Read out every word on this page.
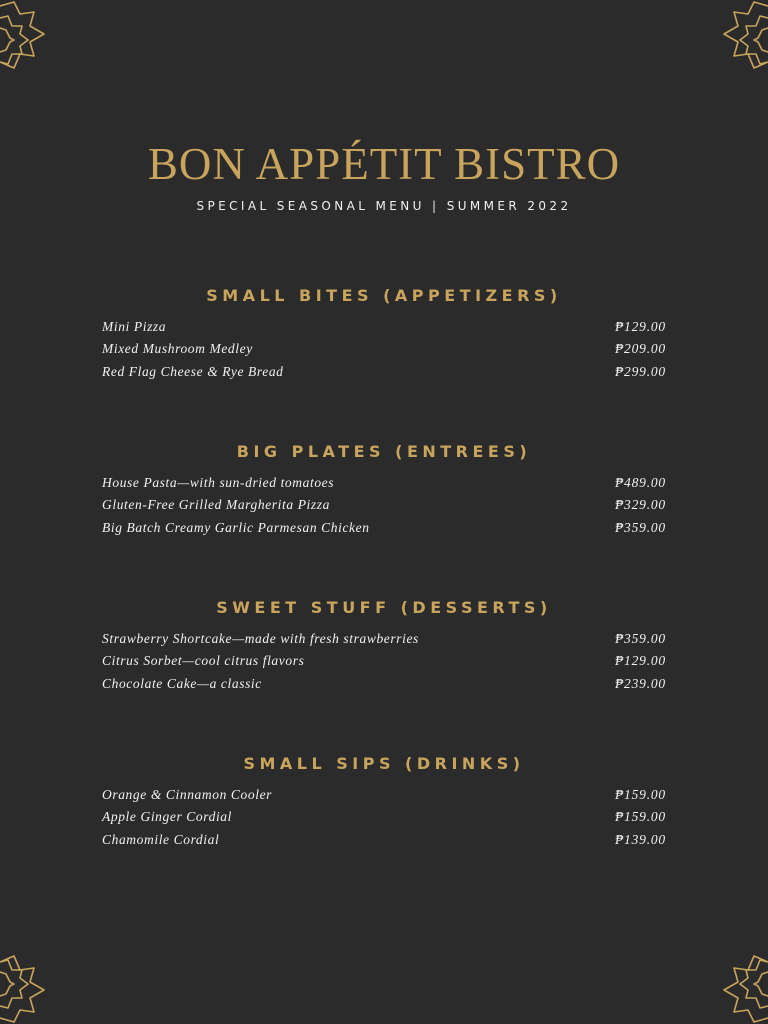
BON APPÉTIT BISTRO
SPECIAL SEASONAL MENU | SUMMER 2022
SMALL BITES (APPETIZERS)
Mini Pizza	₱129.00
Mixed Mushroom Medley	₱209.00
Red Flag Cheese & Rye Bread	₱299.00
BIG PLATES (ENTREES)
House Pasta—with sun-dried tomatoes	₱489.00
Gluten-Free Grilled Margherita Pizza	₱329.00
Big Batch Creamy Garlic Parmesan Chicken	₱359.00
SWEET STUFF (DESSERTS)
Strawberry Shortcake—made with fresh strawberries	₱359.00
Citrus Sorbet—cool citrus flavors	₱129.00
Chocolate Cake—a classic	₱239.00
SMALL SIPS (DRINKS)
Orange & Cinnamon Cooler	₱159.00
Apple Ginger Cordial	₱159.00
Chamomile Cordial	₱139.00
